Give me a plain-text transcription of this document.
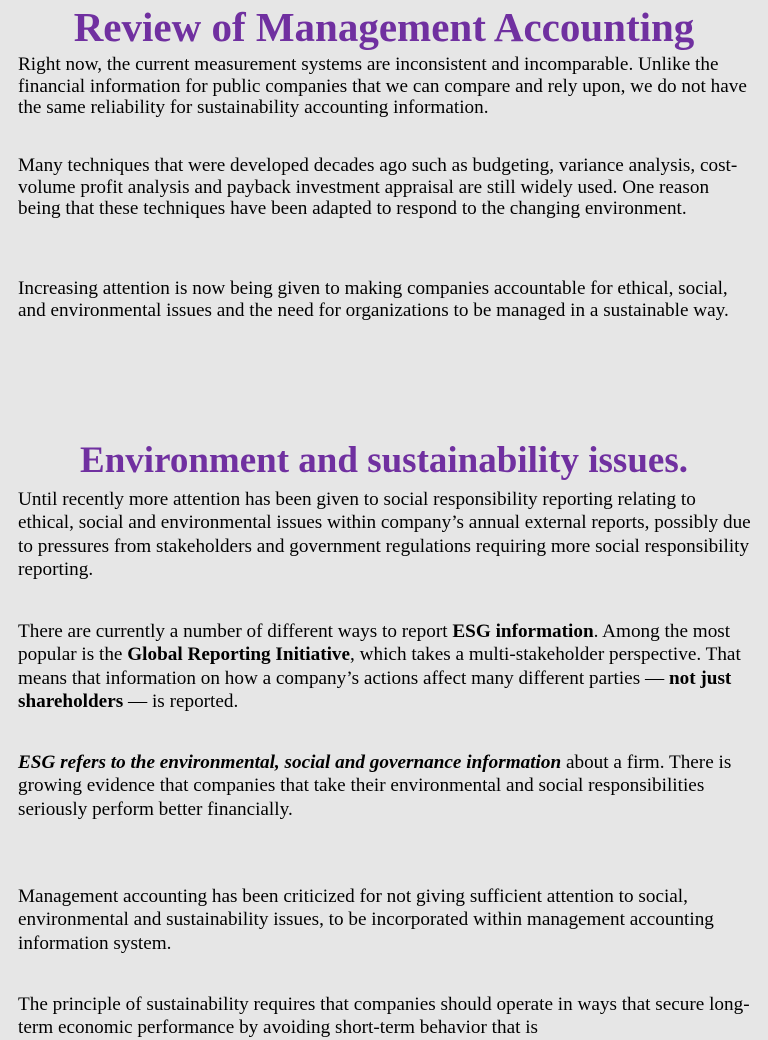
Review of Management Accounting

Right now, the current measurement systems are inconsistent and incomparable. Unlike the financial information for public companies that we can compare and rely upon, we do not have the same reliability for sustainability accounting information.

Many techniques that were developed decades ago such as budgeting, variance analysis, cost-volume profit analysis and payback investment appraisal are still widely used. One reason being that these techniques have been adapted to respond to the changing environment.

Increasing attention is now being given to making companies accountable for ethical, social, and environmental issues and the need for organizations to be managed in a sustainable way.

Environment and sustainability issues.

Until recently more attention has been given to social responsibility reporting relating to ethical, social and environmental issues within company’s annual external reports, possibly due to pressures from stakeholders and government regulations requiring more social responsibility reporting.

There are currently a number of different ways to report ESG information. Among the most popular is the Global Reporting Initiative, which takes a multi-stakeholder perspective. That means that information on how a company’s actions affect many different parties — not just shareholders — is reported.

ESG refers to the environmental, social and governance information about a firm. There is growing evidence that companies that take their environmental and social responsibilities seriously perform better financially.

Management accounting has been criticized for not giving sufficient attention to social, environmental and sustainability issues, to be incorporated within management accounting information system.

The principle of sustainability requires that companies should operate in ways that secure long-term economic performance by avoiding short-term behavior that is
